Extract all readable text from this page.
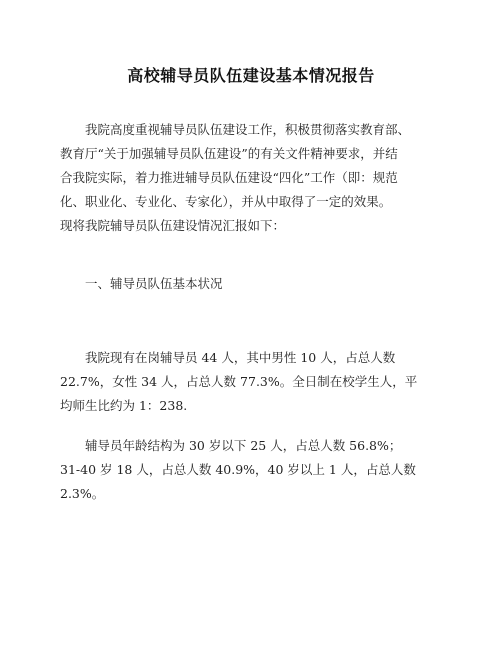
高校辅导员队伍建设基本情况报告
　　我院高度重视辅导员队伍建设工作，积极贯彻落实教育部、
教育厅“关于加强辅导员队伍建设”的有关文件精神要求，并结
合我院实际，着力推进辅导员队伍建设“四化”工作（即：规范
化、职业化、专业化、专家化），并从中取得了一定的效果。
现将我院辅导员队伍建设情况汇报如下：
　　一、辅导员队伍基本状况
　　我院现有在岗辅导员 44 人，其中男性 10 人，占总人数
22.7%，女性 34 人，占总人数 77.3%。全日制在校学生人，平
均师生比约为 1：238.
　　辅导员年龄结构为 30 岁以下 25 人，占总人数 56.8%；
31-40 岁 18 人，占总人数 40.9%，40 岁以上 1 人，占总人数
2.3%。
